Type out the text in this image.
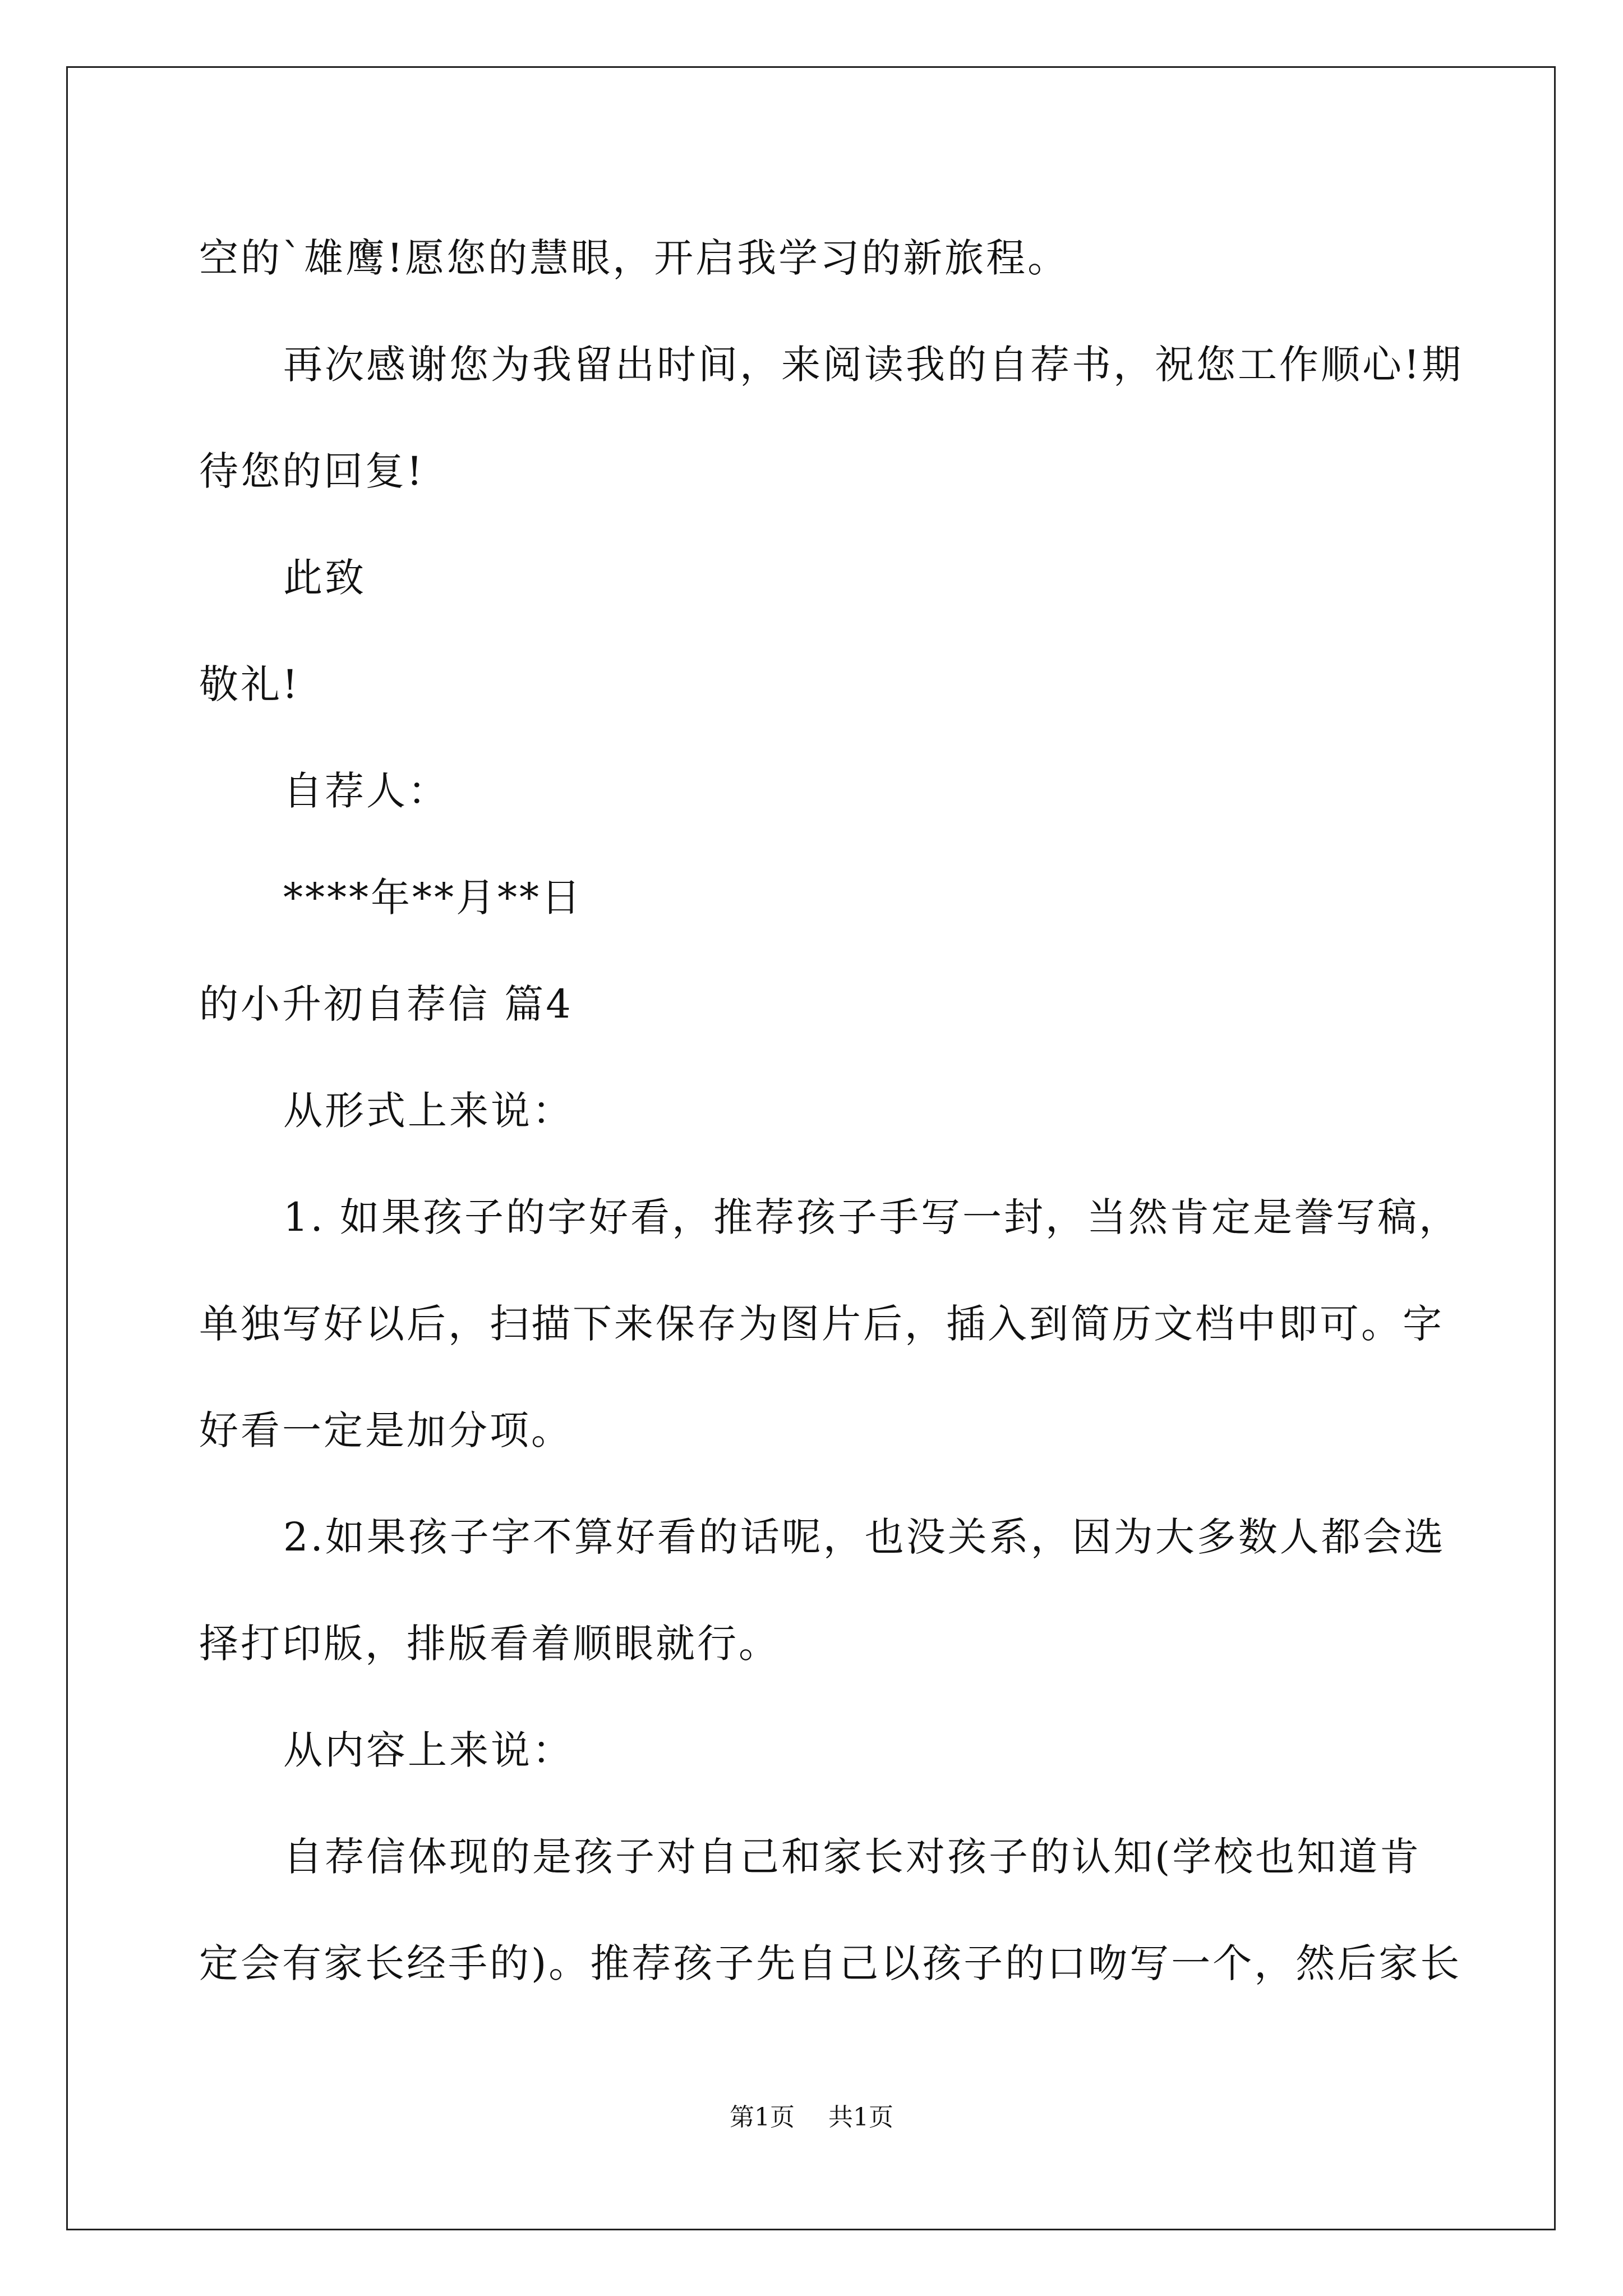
空的`雄鹰!愿您的慧眼，开启我学习的新旅程。
再次感谢您为我留出时间，来阅读我的自荐书，祝您工作顺心!期
待您的回复!
此致
敬礼!
自荐人：
****年**月**日
的小升初自荐信 篇4
从形式上来说：
1. 如果孩子的字好看，推荐孩子手写一封，当然肯定是誊写稿，
单独写好以后，扫描下来保存为图片后，插入到简历文档中即可。字
好看一定是加分项。
2.如果孩子字不算好看的话呢，也没关系，因为大多数人都会选
择打印版，排版看着顺眼就行。
从内容上来说：
自荐信体现的是孩子对自己和家长对孩子的认知(学校也知道肯
定会有家长经手的)。推荐孩子先自己以孩子的口吻写一个，然后家长
第1页 共1页
